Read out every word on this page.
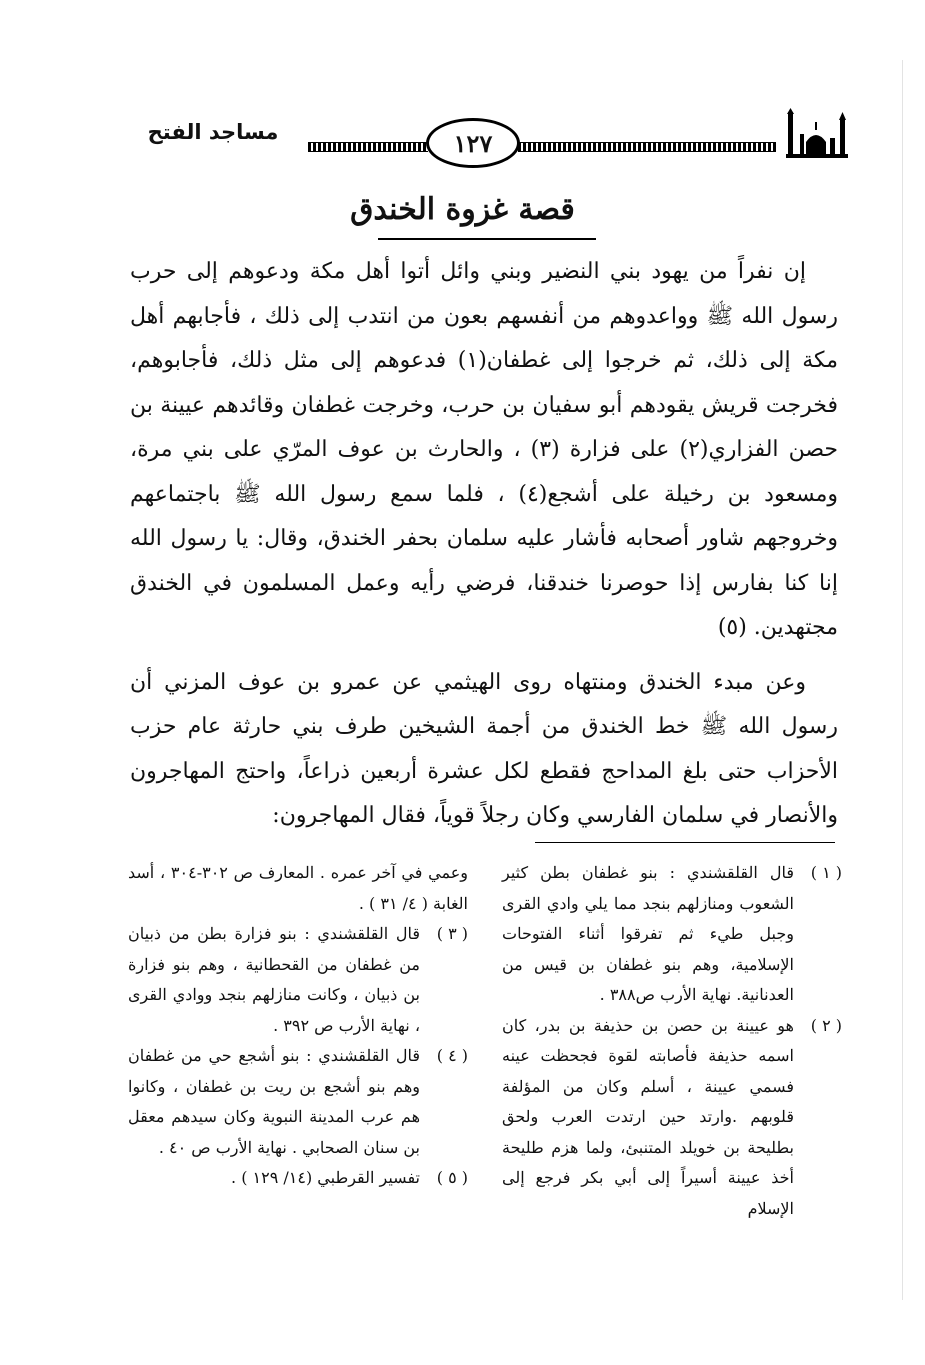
مساجد الفتح	١٢٧
قصة غزوة الخندق

إن نفراً من يهود بني النضير وبني وائل أتوا أهل مكة ودعوهم إلى حرب رسول الله ﷺ وواعدوهم من أنفسهم بعون من انتدب إلى ذلك ، فأجابهم أهل مكة إلى ذلك، ثم خرجوا إلى غطفان(١) فدعوهم إلى مثل ذلك، فأجابوهم، فخرجت قريش يقودهم أبو سفيان بن حرب، وخرجت غطفان وقائدهم عيينة بن حصن الفزاري(٢) على فزارة (٣) ، والحارث بن عوف المرّي على بني مرة، ومسعود بن رخيلة على أشجع(٤) ، فلما سمع رسول الله ﷺ باجتماعهم وخروجهم شاور أصحابه فأشار عليه سلمان بحفر الخندق، وقال: يا رسول الله إنا كنا بفارس إذا حوصرنا خندقنا، فرضي رأيه وعمل المسلمون في الخندق مجتهدين. (٥)

وعن مبدء الخندق ومنتهاه روى الهيثمي عن عمرو بن عوف المزني أن رسول الله ﷺ خط الخندق من أجمة الشيخين طرف بني حارثة عام حزب الأحزاب حتى بلغ المداحج فقطع لكل عشرة أربعين ذراعاً، واحتج المهاجرون والأنصار في سلمان الفارسي وكان رجلاً قوياً، فقال المهاجرون:

( ١ )
قال القلقشندي : بنو غطفان بطن كثير الشعوب ومنازلهم بنجد مما يلي وادي القرى وجبل طيء ثم تفرقوا أثناء الفتوحات الإسلامية، وهم بنو غطفان بن قيس من العدنانية. نهاية الأرب ص٣٨٨ .
( ٢ )
هو عيينة بن حصن بن حذيفة بن بدر، كان اسمه حذيفة فأصابته لقوة فجحظت عينه فسمي عيينة ، أسلم وكان من المؤلفة قلوبهم .وارتد حين ارتدت العرب ولحق بطليحة بن خويلد المتنبئ، ولما هزم طليحة أخذ عيينة أسيراً إلى أبي بكر فرجع إلى الإسلام
وعمي في آخر عمره . المعارف ص ٣٠٢-٣٠٤ ، أسد الغابة ( ٤/ ٣١ ) .
( ٣ )
قال القلقشندي : بنو فزارة بطن من ذبيان من غطفان من القحطانية ، وهم بنو فزارة بن ذبيان ، وكانت منازلهم بنجد ووادي القرى ، نهاية الأرب ص ٣٩٢ .
( ٤ )
قال القلقشندي : بنو أشجع حي من غطفان وهم بنو أشجع بن ريت بن غطفان ، وكانوا هم عرب المدينة النبوية وكان سيدهم معقل بن سنان الصحابي . نهاية الأرب ص ٤٠ .
( ٥ )
تفسير القرطبي (١٤/ ١٢٩ ) .
